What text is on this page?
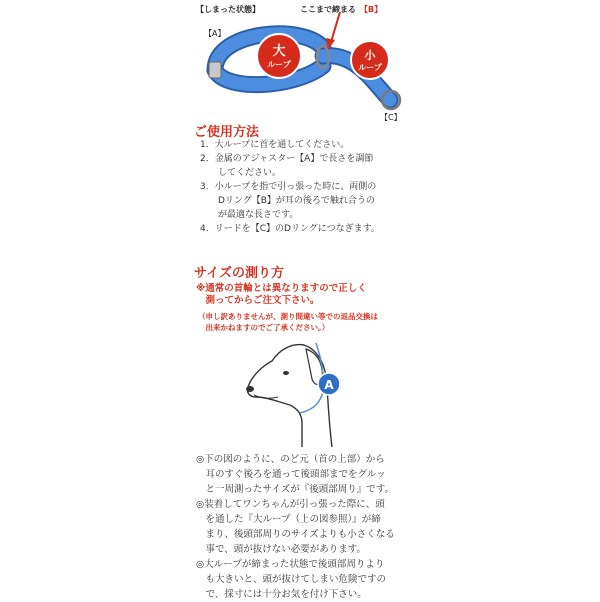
【しまった状態】	ここまで締まる 【B】
【A】
【C】
大
ループ
小
ループ
ご使用方法
1．大ループに首を通してください。
2．金属のアジャスター【A】で長さを調節
　　してください。
3．小ループを指で引っ張った時に、両側の
　　Dリング【B】が耳の後ろで触れ合うの
　　が最適な長さです。
4．リードを【C】のDリングにつなぎます。
サイズの測り方
※通常の首輪とは異なりますので正しく
　測ってからご注文下さい。
（申し訳ありませんが、測り間違い等での返品交換は
　出来かねますのでご了承ください。）
A
◎下の図のように、のど元（首の上部）から
　耳のすぐ後ろを通って後頭部までをグルッ
　と一周測ったサイズが『後頭部周り』です。
◎装着してワンちゃんが引っ張った際に、頭
　を通した『大ループ（上の図参照）』が締
　まり、後頭部周りのサイズよりも小さくなる
　事で、頭が抜けない必要があります。
◎大ループが締まった状態で後頭部周りより
　も大きいと、頭が抜けてしまい危険ですの
　で、採寸には十分お気を付け下さい。
